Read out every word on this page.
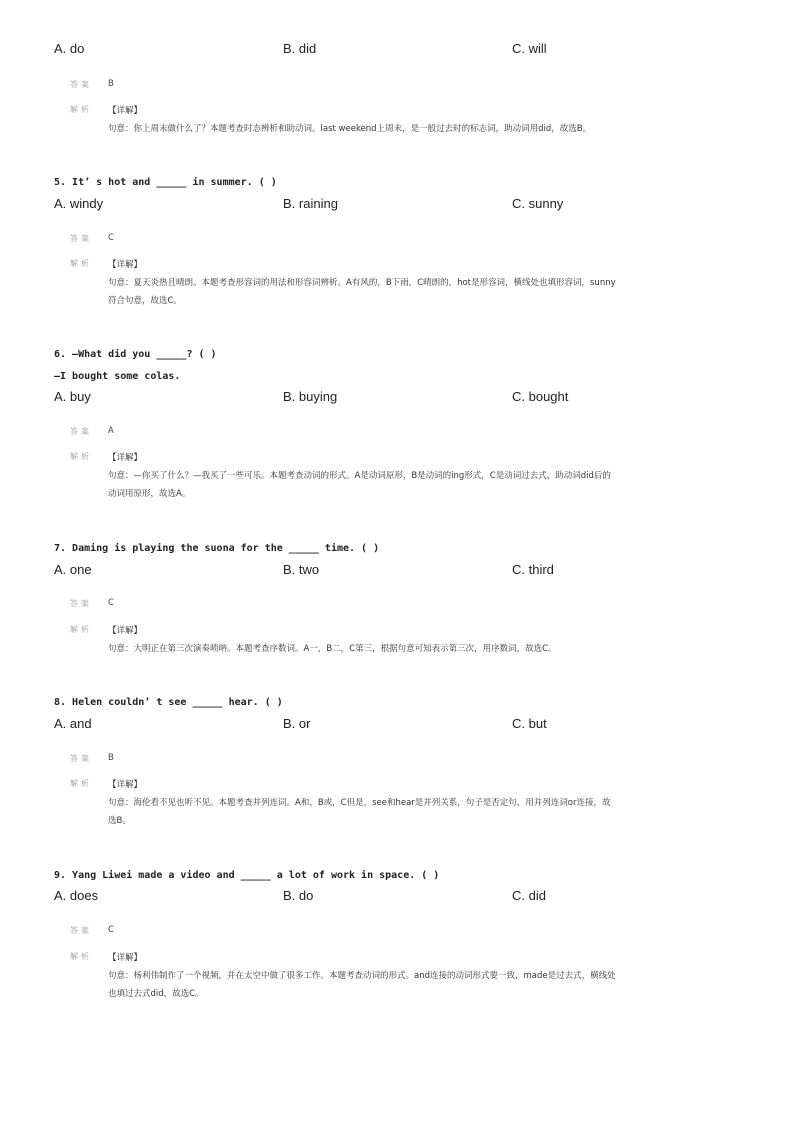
A. do	B. did	C. will
答案 B
解析 【详解】
句意：你上周末做什么了？本题考查时态辨析和助动词。last weekend上周末，是一般过去时的标志词，助动词用did，故选B。
5. It’ s hot and _____ in summer. ( )
A. windy	B. raining	C. sunny
答案 C
解析 【详解】
句意：夏天炎热且晴朗。本题考查形容词的用法和形容词辨析。A有风的，B下雨，C晴朗的，hot是形容词，横线处也填形容词，sunny
符合句意，故选C。
6. —What did you _____? ( )
—I bought some colas.
A. buy	B. buying	C. bought
答案 A
解析 【详解】
句意：—你买了什么？—我买了一些可乐。本题考查动词的形式。A是动词原形，B是动词的ing形式，C是动词过去式，助动词did后的
动词用原形，故选A。
7. Daming is playing the suona for the _____ time. ( )
A. one	B. two	C. third
答案 C
解析 【详解】
句意：大明正在第三次演奏唢呐。本题考查序数词。A一，B二，C第三，根据句意可知表示第三次，用序数词，故选C。
8. Helen couldn’ t see _____ hear. ( )
A. and	B. or	C. but
答案 B
解析 【详解】
句意：海伦看不见也听不见。本题考查并列连词。A和，B或，C但是，see和hear是并列关系，句子是否定句，用并列连词or连接，故
选B。
9. Yang Liwei made a video and _____ a lot of work in space. ( )
A. does	B. do	C. did
答案 C
解析 【详解】
句意：杨利伟制作了一个视频，并在太空中做了很多工作。本题考查动词的形式。and连接的动词形式要一致，made是过去式，横线处
也填过去式did，故选C。
